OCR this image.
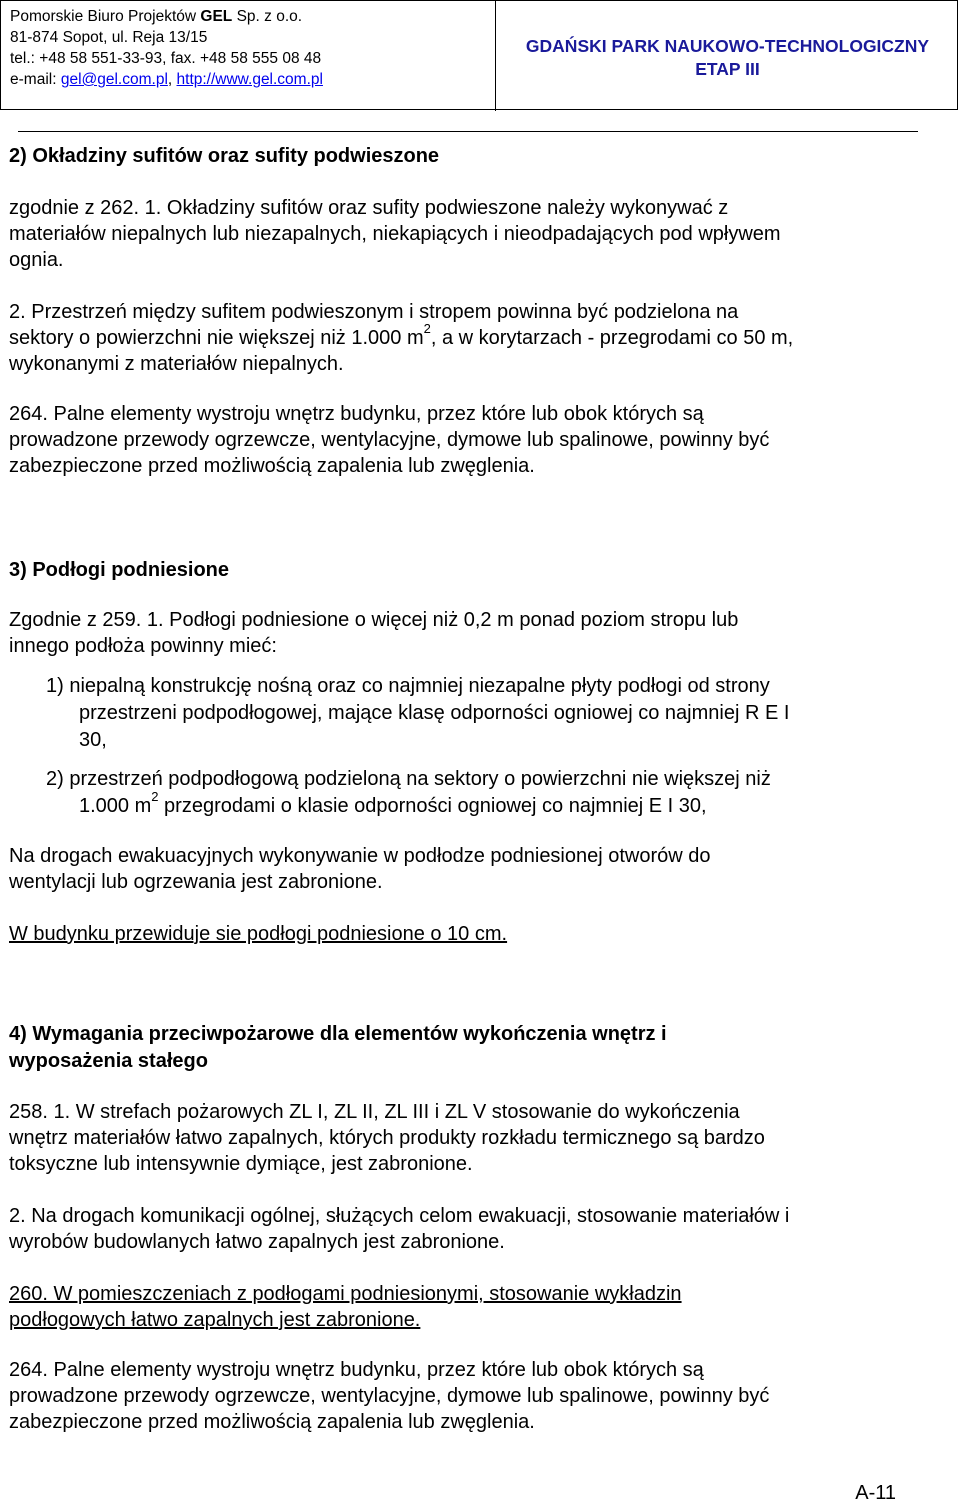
Pomorskie Biuro Projektów GEL Sp. z o.o.
81-874 Sopot, ul. Reja 13/15
tel.: +48 58 551-33-93, fax. +48 58 555 08 48
e-mail: gel@gel.com.pl, http://www.gel.com.pl
GDAŃSKI PARK NAUKOWO-TECHNOLOGICZNY
ETAP III
2) Okładziny sufitów oraz sufity podwieszone
zgodnie z 262. 1. Okładziny sufitów oraz sufity podwieszone należy wykonywać z
materiałów niepalnych lub niezapalnych, niekapiących i nieodpadających pod wpływem
ognia.
2. Przestrzeń między sufitem podwieszonym i stropem powinna być podzielona na
sektory o powierzchni nie większej niż 1.000 $m^2$, a w korytarzach - przegrodami co 50 m,
wykonanymi z materiałów niepalnych.
264. Palne elementy wystroju wnętrz budynku, przez które lub obok których są
prowadzone przewody ogrzewcze, wentylacyjne, dymowe lub spalinowe, powinny być
zabezpieczone przed możliwością zapalenia lub zwęglenia.
3) Podłogi podniesione
Zgodnie z 259. 1. Podłogi podniesione o więcej niż 0,2 m ponad poziom stropu lub
innego podłoża powinny mieć:
1) niepalną konstrukcję nośną oraz co najmniej niezapalne płyty podłogi od strony
przestrzeni podpodłogowej, mające klasę odporności ogniowej co najmniej R E I
30,
2) przestrzeń podpodłogową podzieloną na sektory o powierzchni nie większej niż
1.000 $m^2$ przegrodami o klasie odporności ogniowej co najmniej E I 30,
Na drogach ewakuacyjnych wykonywanie w podłodze podniesionej otworów do
wentylacji lub ogrzewania jest zabronione.
W budynku przewiduje sie podłogi podniesione o 10 cm.
4) Wymagania przeciwpożarowe dla elementów wykończenia wnętrz i
wyposażenia stałego
258. 1. W strefach pożarowych ZL I, ZL II, ZL III i ZL V stosowanie do wykończenia
wnętrz materiałów łatwo zapalnych, których produkty rozkładu termicznego są bardzo
toksyczne lub intensywnie dymiące, jest zabronione.
2. Na drogach komunikacji ogólnej, służących celom ewakuacji, stosowanie materiałów i
wyrobów budowlanych łatwo zapalnych jest zabronione.
260. W pomieszczeniach z podłogami podniesionymi, stosowanie wykładzin
podłogowych łatwo zapalnych jest zabronione.
264. Palne elementy wystroju wnętrz budynku, przez które lub obok których są
prowadzone przewody ogrzewcze, wentylacyjne, dymowe lub spalinowe, powinny być
zabezpieczone przed możliwością zapalenia lub zwęglenia.
A-11
